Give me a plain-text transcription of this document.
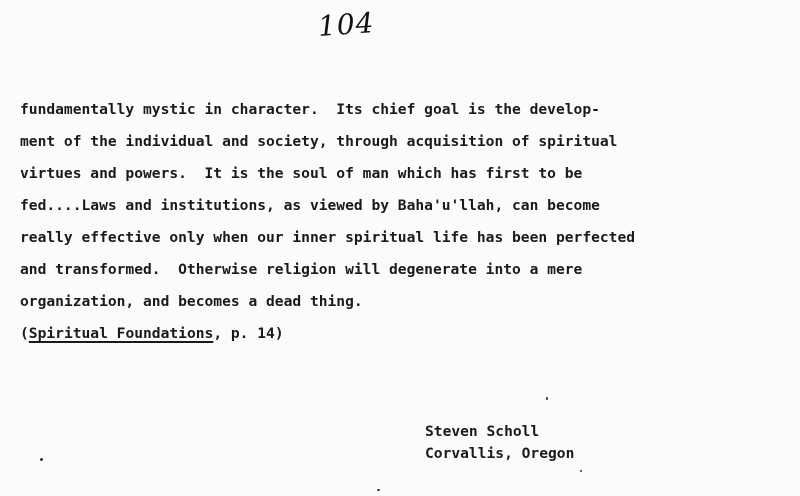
104
fundamentally mystic in character.  Its chief goal is the develop-
ment of the individual and society, through acquisition of spiritual
virtues and powers.  It is the soul of man which has first to be
fed....Laws and institutions, as viewed by Baha'u'llah, can become
really effective only when our inner spiritual life has been perfected
and transformed.  Otherwise religion will degenerate into a mere
organization, and becomes a dead thing.
(Spiritual Foundations, p. 14)
Steven Scholl
Corvallis, Oregon
